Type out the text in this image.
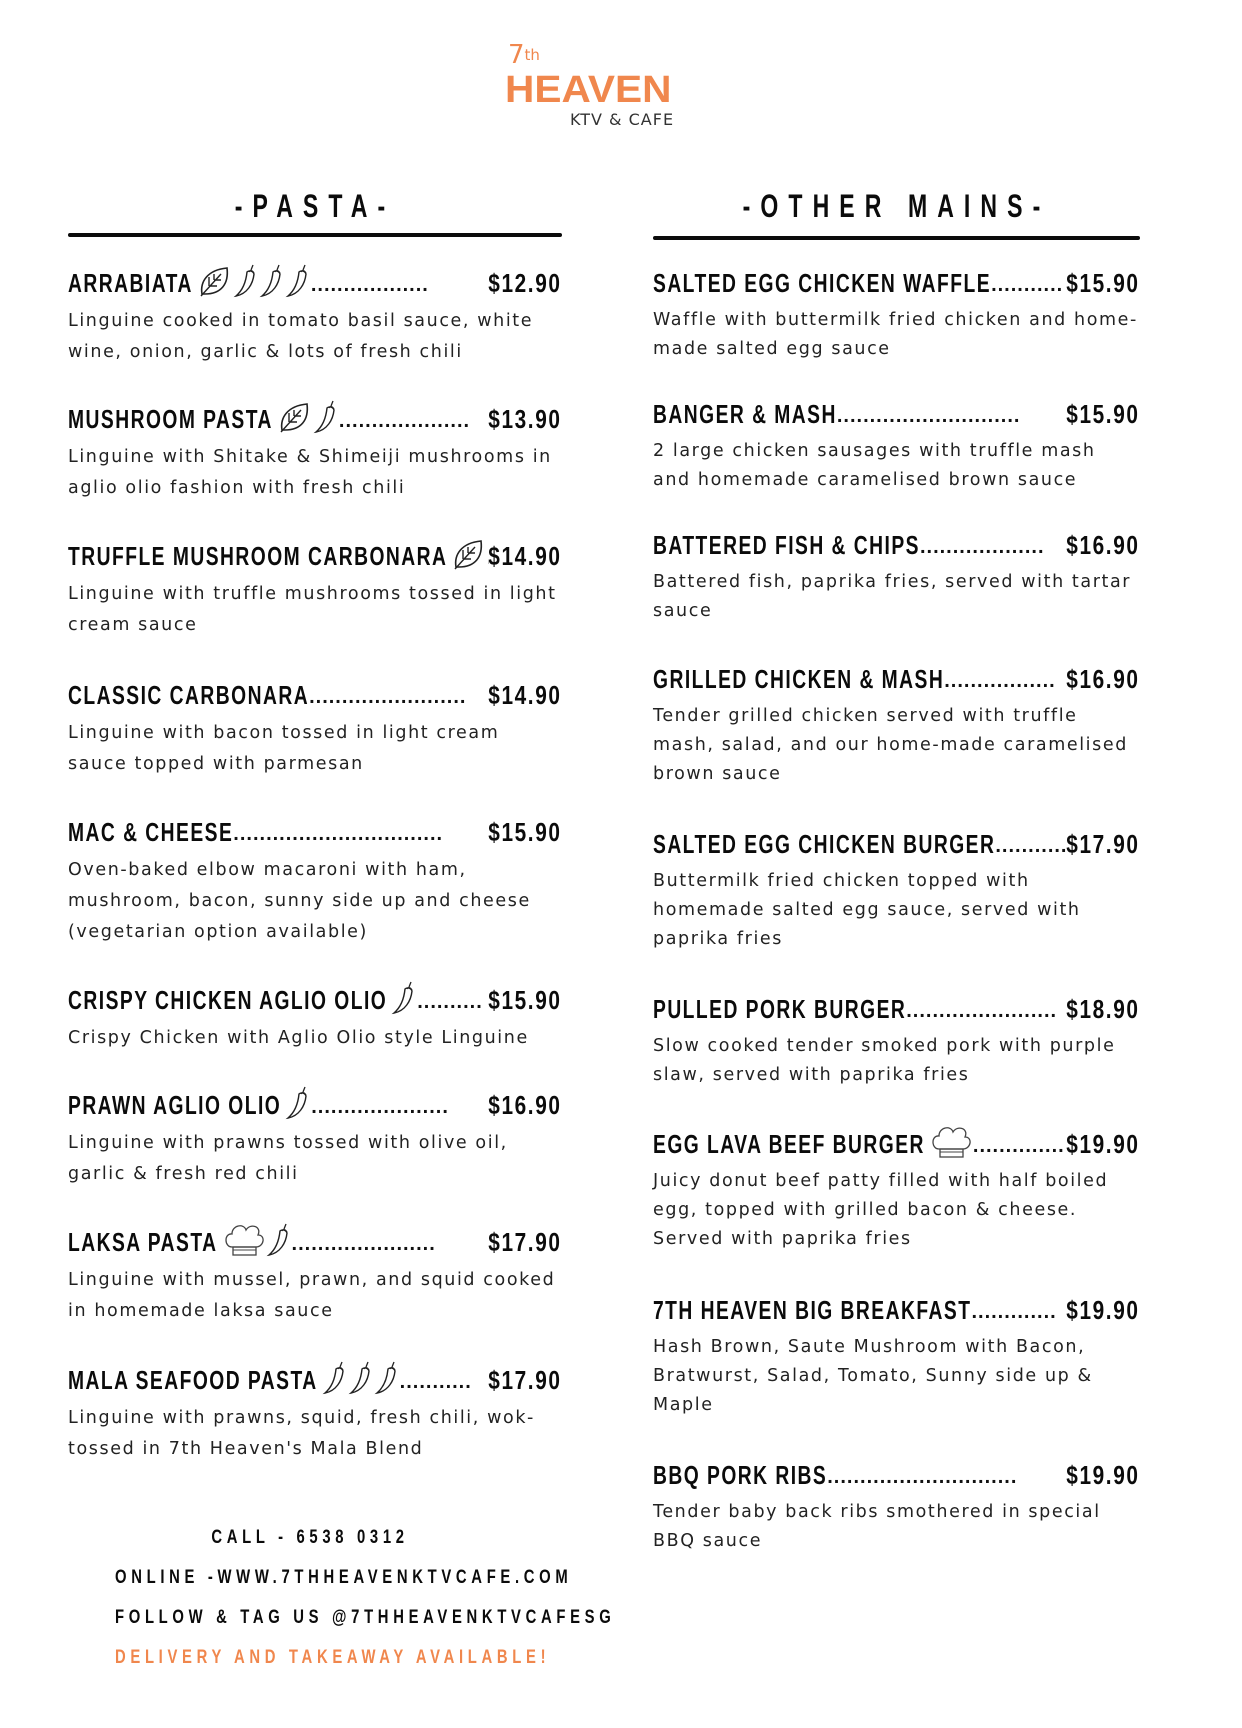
7th
HEAVEN
KTV & CAFE
-PASTA-
ARRABIATA	..................	$12.90
Linguine cooked in tomato basil sauce, white wine, onion, garlic & lots of fresh chili
MUSHROOM PASTA	.................... $13.90
Linguine with Shitake & Shimeiji mushrooms in aglio olio fashion with fresh chili
TRUFFLE MUSHROOM CARBONARA $14.90
Linguine with truffle mushrooms tossed in light cream sauce
CLASSIC CARBONARA ........................ $14.90
Linguine with bacon tossed in light cream sauce topped with parmesan
MAC & CHEESE ................................	$15.90
Oven-baked elbow macaroni with ham, mushroom, bacon, sunny side up and cheese (vegetarian option available)
CRISPY CHICKEN AGLIO OLIO .......... $15.90
Crispy Chicken with Aglio Olio style Linguine
PRAWN AGLIO OLIO .....................	$16.90
Linguine with prawns tossed with olive oil, garlic & fresh red chili
LAKSA PASTA	......................	$17.90
Linguine with mussel, prawn, and squid cooked in homemade laksa sauce
MALA SEAFOOD PASTA	........... $17.90
Linguine with prawns, squid, fresh chili, wok-tossed in 7th Heaven's Mala Blend
-OTHER MAINS-
SALTED EGG CHICKEN WAFFLE ........... $15.90
Waffle with buttermilk fried chicken and home-made salted egg sauce
BANGER & MASH ............................	$15.90
2 large chicken sausages with truffle mash and homemade caramelised brown sauce
BATTERED FISH & CHIPS ................... $16.90
Battered fish, paprika fries, served with tartar sauce
GRILLED CHICKEN & MASH ................. $16.90
Tender grilled chicken served with truffle mash, salad, and our home-made caramelised brown sauce
SALTED EGG CHICKEN BURGER ........... $17.90
Buttermilk fried chicken topped with homemade salted egg sauce, served with paprika fries
PULLED PORK BURGER ....................... $18.90
Slow cooked tender smoked pork with purple slaw, served with paprika fries
EGG LAVA BEEF BURGER .............. $19.90
Juicy donut beef patty filled with half boiled egg, topped with grilled bacon & cheese. Served with paprika fries
7TH HEAVEN BIG BREAKFAST ............. $19.90
Hash Brown, Saute Mushroom with Bacon, Bratwurst, Salad, Tomato, Sunny side up & Maple
BBQ PORK RIBS .............................	$19.90
Tender baby back ribs smothered in special BBQ sauce
CALL - 6538 0312
ONLINE -WWW.7THHEAVENKTVCAFE.COM
FOLLOW & TAG US @7THHEAVENKTVCAFESG
DELIVERY AND TAKEAWAY AVAILABLE!
